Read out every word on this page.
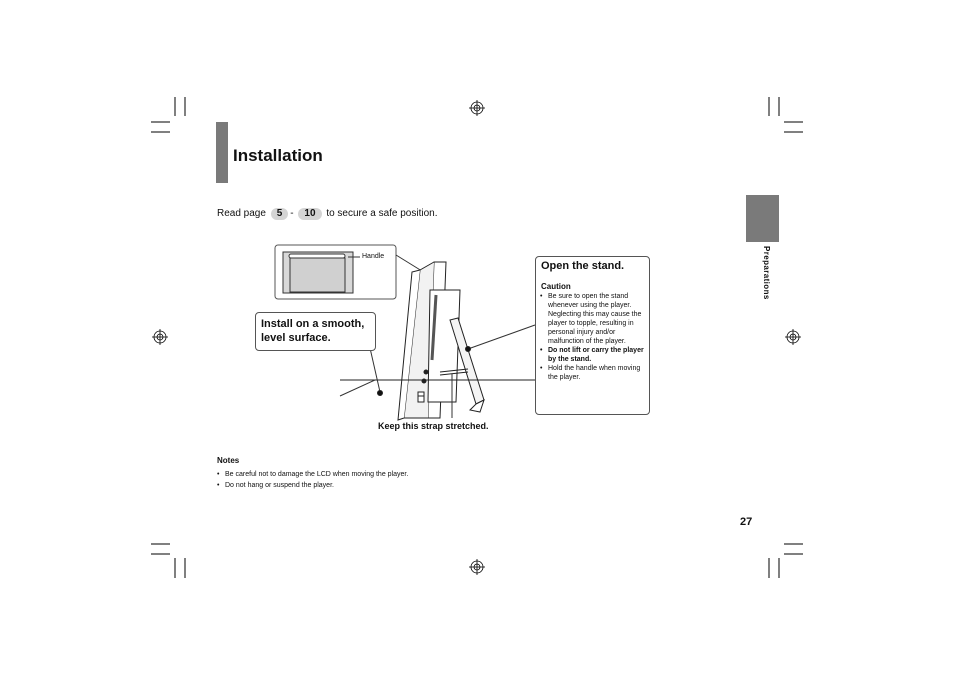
Installation
Preparations
Read page 5 - 10 to secure a safe position.
Handle
Install on a smooth, level surface.
Open the stand.
Caution
• Be sure to open the stand whenever using the player. Neglecting this may cause the player to topple, resulting in personal injury and/or malfunction of the player.
• Do not lift or carry the player by the stand.
• Hold the handle when moving the player.
Keep this strap stretched.
Notes
• Be careful not to damage the LCD when moving the player.
• Do not hang or suspend the player.
27
